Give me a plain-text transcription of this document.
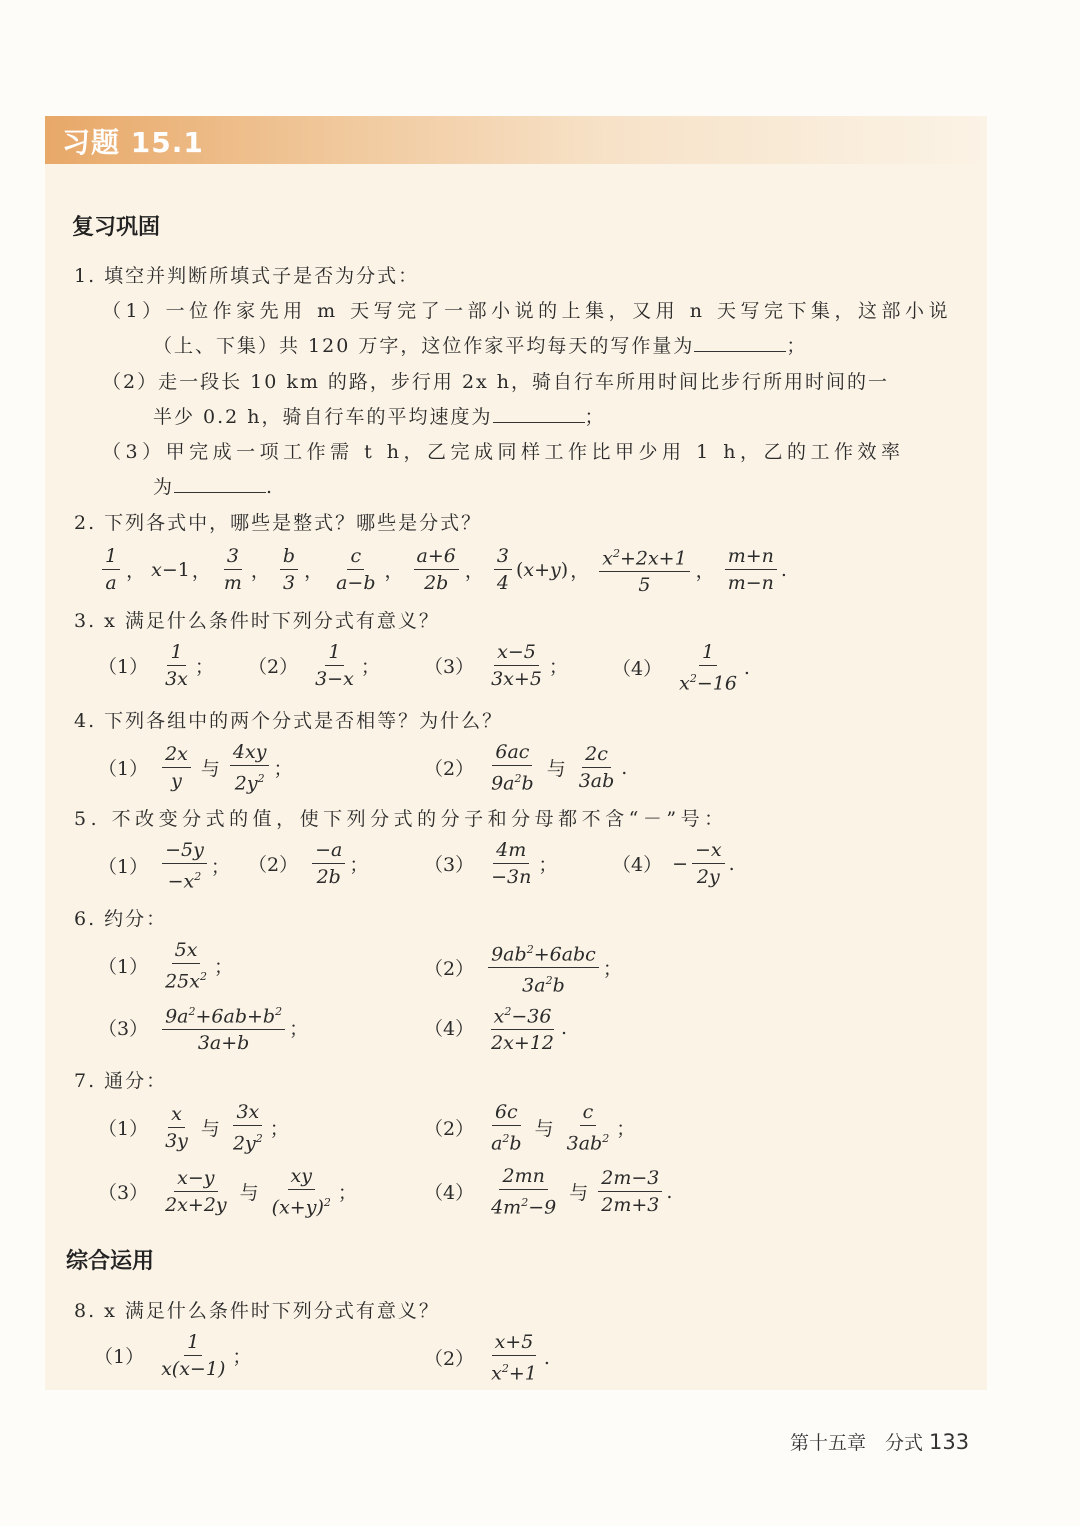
习题 15.1
复习巩固
1. 填空并判断所填式子是否为分式：
（1）一位作家先用 m 天写完了一部小说的上集，又用 n 天写完下集，这部小说
（上、下集）共 120 万字，这位作家平均每天的写作量为	；
（2）走一段长 10 km 的路，步行用 2x h，骑自行车所用时间比步行所用时间的一
半少 0.2 h，骑自行车的平均速度为	；
（3）甲完成一项工作需 t h，乙完成同样工作比甲少用 1 h，乙的工作效率
为	.
2. 下列各式中，哪些是整式？哪些是分式？
$\frac{1}{a}$ ， x −1 ， $\frac{3}{m}$ ， $\frac{b}{3}$ ， $\frac{c}{a-b}$ ， $\frac{a+6}{2b}$ ， $\frac{3}{4}$ ( x + y ) ， $\frac{x^2+2x+1}{5}$ ， $\frac{m+n}{m-n}$ .
3. x 满足什么条件时下列分式有意义？
$(1) \frac{1}{3x}$ ； $(2) \frac{1}{3-x}$ ； $(3) \frac{x-5}{3x+5}$ ； $(4) \frac{1}{x^2-16}$ .
4. 下列各组中的两个分式是否相等？为什么？
$(1) \frac{2x}{y}$ 与 $\frac{4xy}{2y^2}$ ；	$(2) \frac{6ac}{9a^2b}$ 与 $\frac{2c}{3ab}$ .
5. 不改变分式的值，使下列分式的分子和分母都不含“－”号：
$(1) \frac{-5y}{-x^2}$ ； $(2) \frac{-a}{2b}$ ；	$(3) \frac{4m}{-3n}$ ；	$(4) - \frac{-x}{2y}$ .
6. 约分：
$(1) \frac{5x}{25x^2}$ ；	$(2) \frac{9ab^2+6abc}{3a^2b}$ ；
$(3) \frac{9a^2+6ab+b^2}{3a+b}$ ；	$(4) \frac{x^2-36}{2x+12}$ .
7. 通分：
$(1) \frac{x}{3y}$ 与 $\frac{3x}{2y^2}$ ；	$(2) \frac{6c}{a^2b}$ 与 $\frac{c}{3ab^2}$ ；
$(3) \frac{x-y}{2x+2y}$ 与 $\frac{xy}{(x+y)^2}$ ；	$(4) \frac{2mn}{4m^2-9}$ 与 $\frac{2m-3}{2m+3}$ .
综合运用
8. x 满足什么条件时下列分式有意义？
$(1) \frac{1}{x(x-1)}$ ；	$(2) \frac{x+5}{x^2+1}$ .
第十五章　分式 133
